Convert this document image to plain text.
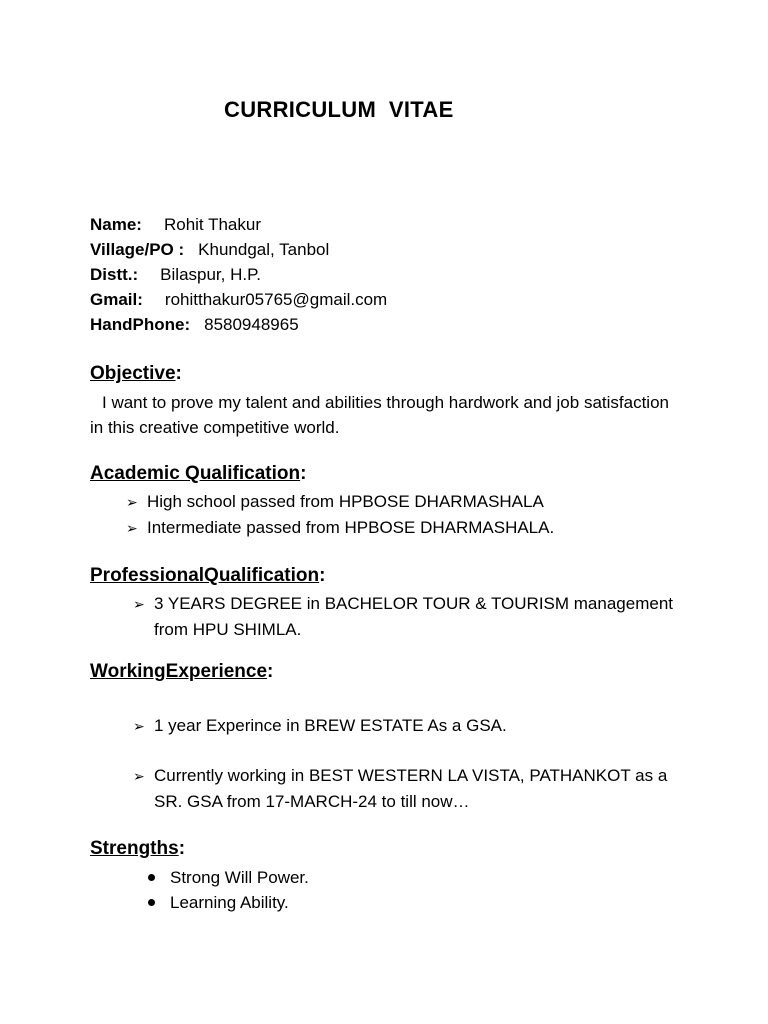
CURRICULUM  VITAE
Name: Rohit Thakur
Village/PO : Khundgal, Tanbol
Distt.: Bilaspur, H.P.
Gmail: rohitthakur05765@gmail.com
HandPhone: 8580948965
Objective:
I want to prove my talent and abilities through hardwork and job satisfaction in this creative competitive world.
Academic Qualification:
➢ High school passed from HPBOSE DHARMASHALA
➢ Intermediate passed from HPBOSE DHARMASHALA.
ProfessionalQualification:
➢ 3 YEARS DEGREE in BACHELOR TOUR & TOURISM management from HPU SHIMLA.
WorkingExperience:
➢ 1 year Experince in BREW ESTATE As a GSA.
➢ Currently working in BEST WESTERN LA VISTA, PATHANKOT as a SR. GSA from 17-MARCH-24 to till now…
Strengths:
Strong Will Power.
Learning Ability.
